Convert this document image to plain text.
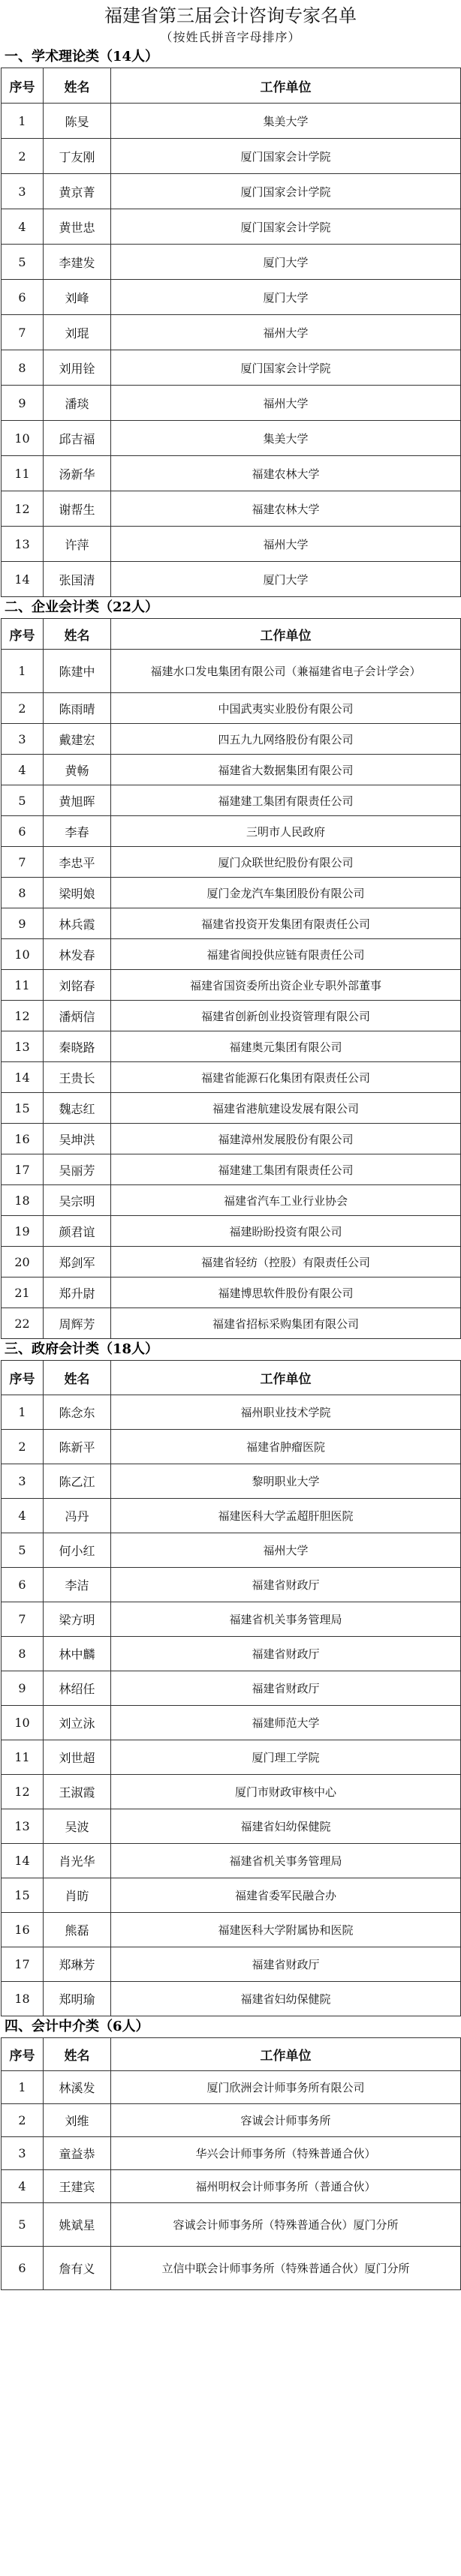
福建省第三届会计咨询专家名单
（按姓氏拼音字母排序）
一、学术理论类（14人）
序号	姓名	工作单位
1	陈旻	集美大学
2	丁友刚	厦门国家会计学院
3	黄京菁	厦门国家会计学院
4	黄世忠	厦门国家会计学院
5	李建发	厦门大学
6	刘峰	厦门大学
7	刘琨	福州大学
8	刘用铨	厦门国家会计学院
9	潘琰	福州大学
10	邱吉福	集美大学
11	汤新华	福建农林大学
12	谢帮生	福建农林大学
13	许萍	福州大学
14	张国清	厦门大学
二、企业会计类（22人）
序号	姓名	工作单位
1	陈建中	福建水口发电集团有限公司（兼福建省电子会计学会）
2	陈雨晴	中国武夷实业股份有限公司
3	戴建宏	四五九九网络股份有限公司
4	黄畅	福建省大数据集团有限公司
5	黄旭晖	福建建工集团有限责任公司
6	李春	三明市人民政府
7	李忠平	厦门众联世纪股份有限公司
8	梁明娘	厦门金龙汽车集团股份有限公司
9	林兵霞	福建省投资开发集团有限责任公司
10	林发春	福建省闽投供应链有限责任公司
11	刘铭春	福建省国资委所出资企业专职外部董事
12	潘炳信	福建省创新创业投资管理有限公司
13	秦晓路	福建奥元集团有限公司
14	王贵长	福建省能源石化集团有限责任公司
15	魏志红	福建省港航建设发展有限公司
16	吴坤洪	福建漳州发展股份有限公司
17	吴丽芳	福建建工集团有限责任公司
18	吴宗明	福建省汽车工业行业协会
19	颜君谊	福建盼盼投资有限公司
20	郑剑军	福建省轻纺（控股）有限责任公司
21	郑升尉	福建博思软件股份有限公司
22	周辉芳	福建省招标采购集团有限公司
三、政府会计类（18人）
序号	姓名	工作单位
1	陈念东	福州职业技术学院
2	陈新平	福建省肿瘤医院
3	陈乙江	黎明职业大学
4	冯丹	福建医科大学孟超肝胆医院
5	何小红	福州大学
6	李洁	福建省财政厅
7	梁方明	福建省机关事务管理局
8	林中麟	福建省财政厅
9	林绍任	福建省财政厅
10	刘立泳	福建师范大学
11	刘世超	厦门理工学院
12	王淑霞	厦门市财政审核中心
13	吴波	福建省妇幼保健院
14	肖光华	福建省机关事务管理局
15	肖昉	福建省委军民融合办
16	熊磊	福建医科大学附属协和医院
17	郑琳芳	福建省财政厅
18	郑明瑜	福建省妇幼保健院
四、会计中介类（6人）
序号	姓名	工作单位
1	林溪发	厦门欣洲会计师事务所有限公司
2	刘维	容诚会计师事务所
3	童益恭	华兴会计师事务所（特殊普通合伙）
4	王建宾	福州明权会计师事务所（普通合伙）
5	姚斌星	容诚会计师事务所（特殊普通合伙）厦门分所
6	詹有义	立信中联会计师事务所（特殊普通合伙）厦门分所
